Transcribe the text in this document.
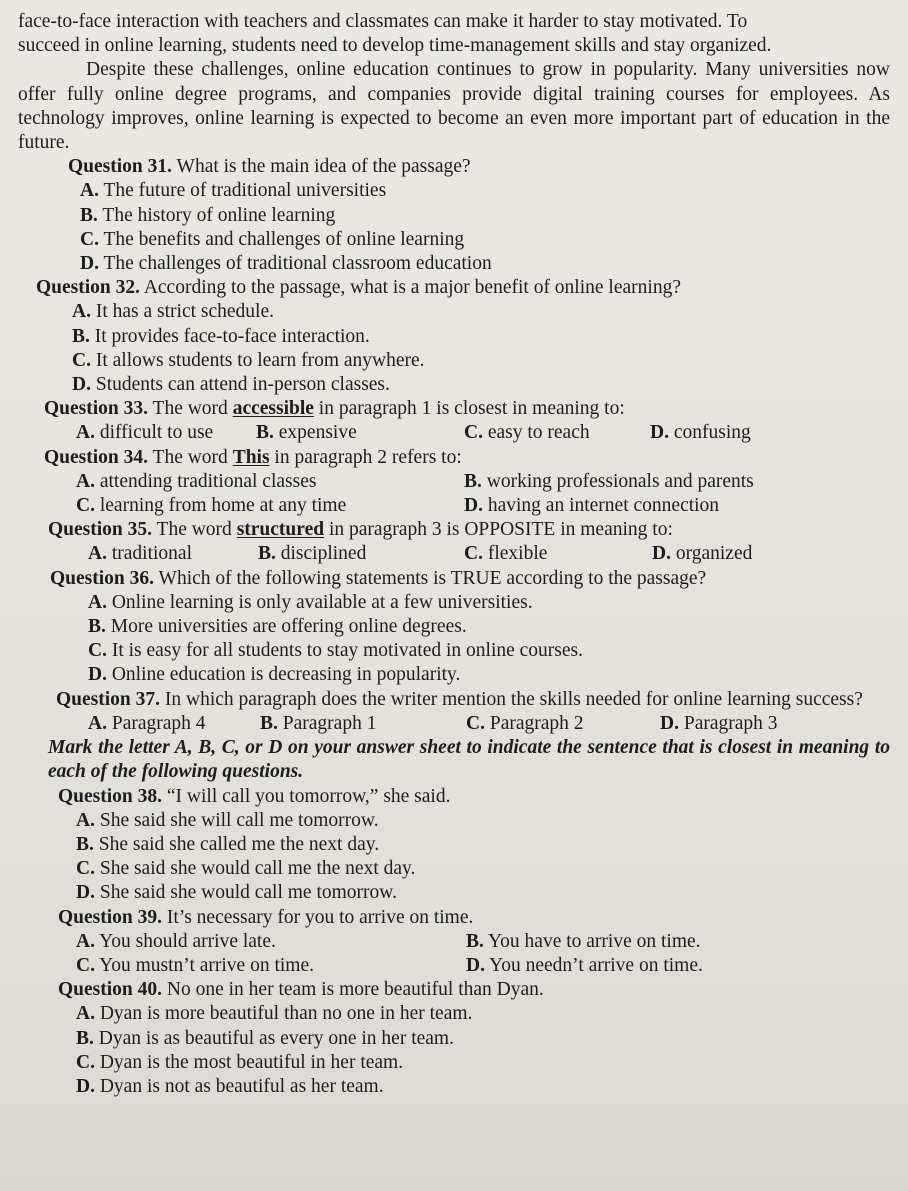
face-to-face interaction with teachers and classmates can make it harder to stay motivated. To

succeed in online learning, students need to develop time-management skills and stay organized.

Despite these challenges, online education continues to grow in popularity. Many universities now offer fully online degree programs, and companies provide digital training courses for employees. As technology improves, online learning is expected to become an even more important part of education in the future.

Question 31. What is the main idea of the passage?
A. The future of traditional universities
B. The history of online learning
C. The benefits and challenges of online learning
D. The challenges of traditional classroom education
Question 32. According to the passage, what is a major benefit of online learning?
A. It has a strict schedule.
B. It provides face-to-face interaction.
C. It allows students to learn from anywhere.
D. Students can attend in-person classes.
Question 33. The word accessible in paragraph 1 is closest in meaning to:
A. difficult to use	B. expensive	C. easy to reach	D. confusing
Question 34. The word This in paragraph 2 refers to:
A. attending traditional classes	B. working professionals and parents
C. learning from home at any time	D. having an internet connection
Question 35. The word structured in paragraph 3 is OPPOSITE in meaning to:
A. traditional	B. disciplined	C. flexible	D. organized
Question 36. Which of the following statements is TRUE according to the passage?
A. Online learning is only available at a few universities.
B. More universities are offering online degrees.
C. It is easy for all students to stay motivated in online courses.
D. Online education is decreasing in popularity.
Question 37. In which paragraph does the writer mention the skills needed for online learning success?
A. Paragraph 4	B. Paragraph 1	C. Paragraph 2	D. Paragraph 3

Mark the letter A, B, C, or D on your answer sheet to indicate the sentence that is closest in meaning to each of the following questions.

Question 38. “I will call you tomorrow,” she said.
A. She said she will call me tomorrow.
B. She said she called me the next day.
C. She said she would call me the next day.
D. She said she would call me tomorrow.
Question 39. It’s necessary for you to arrive on time.
A. You should arrive late.	B. You have to arrive on time.
C. You mustn’t arrive on time.	D. You needn’t arrive on time.
Question 40. No one in her team is more beautiful than Dyan.
A. Dyan is more beautiful than no one in her team.
B. Dyan is as beautiful as every one in her team.
C. Dyan is the most beautiful in her team.
D. Dyan is not as beautiful as her team.
